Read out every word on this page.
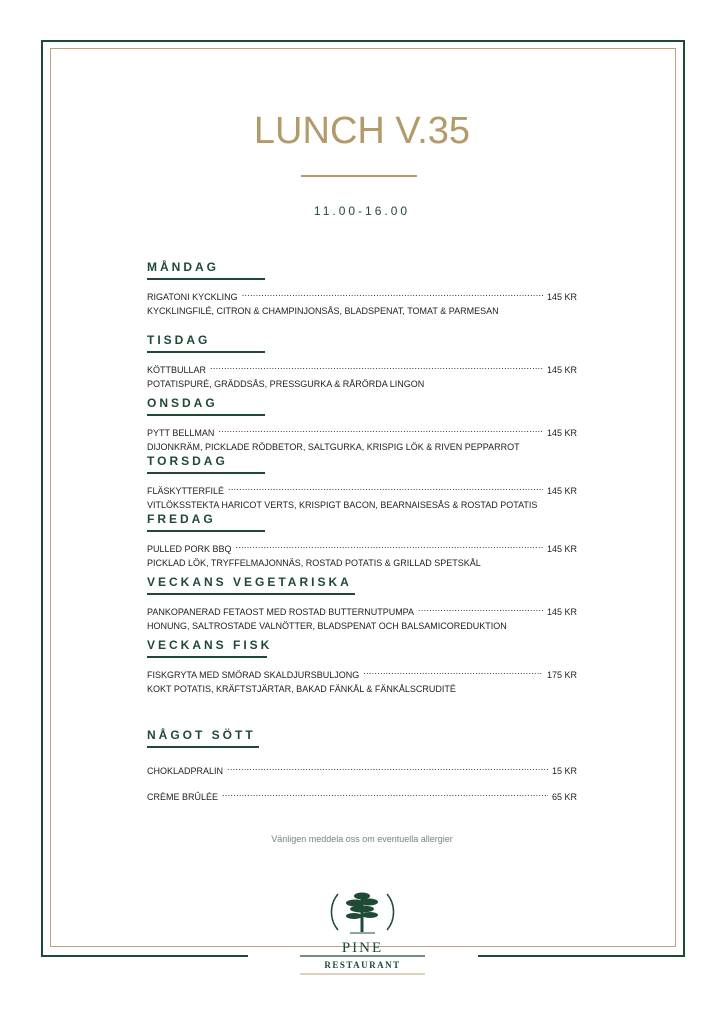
LUNCH V.35
11.00-16.00
MÅNDAG
RIGATONI KYCKLING .....	145 KR
KYCKLINGFILÉ, CITRON & CHAMPINJONSÅS, BLADSPENAT, TOMAT & PARMESAN
TISDAG
KÖTTBULLAR .....	145 KR
POTATISPURÉ, GRÄDDSÅS, PRESSGURKA & RÅRÖRDA LINGON
ONSDAG
PYTT BELLMAN .....	145 KR
DIJONKRÄM, PICKLADE RÖDBETOR, SALTGURKA, KRISPIG LÖK & RIVEN PEPPARROT
TORSDAG
FLÄSKYTTERFILÉ .....	145 KR
VITLÖKSSTEKTA HARICOT VERTS, KRISPIGT BACON, BEARNAISESÅS & ROSTAD POTATIS
FREDAG
PULLED PORK BBQ .....	145 KR
PICKLAD LÖK, TRYFFELMAJONNÄS, ROSTAD POTATIS & GRILLAD SPETSKÅL
VECKANS VEGETARISKA
PANKOPANERAD FETAOST MED ROSTAD BUTTERNUTPUMPA .....	145 KR
HONUNG, SALTROSTADE VALNÖTTER, BLADSPENAT OCH BALSAMICOREDUKTION
VECKANS FISK
FISKGRYTA MED SMÖRAD SKALDJURSBULJONG .....	175 KR
KOKT POTATIS, KRÄFTSTJÄRTAR, BAKAD FÄNKÅL & FÄNKÅLSCRUDITÉ
NÅGOT SÖTT
CHOKLADPRALIN .....	15 KR
CRÈME BRÛLÉE .....	65 KR
Vänligen meddela oss om eventuella allergier
PINE
RESTAURANT
